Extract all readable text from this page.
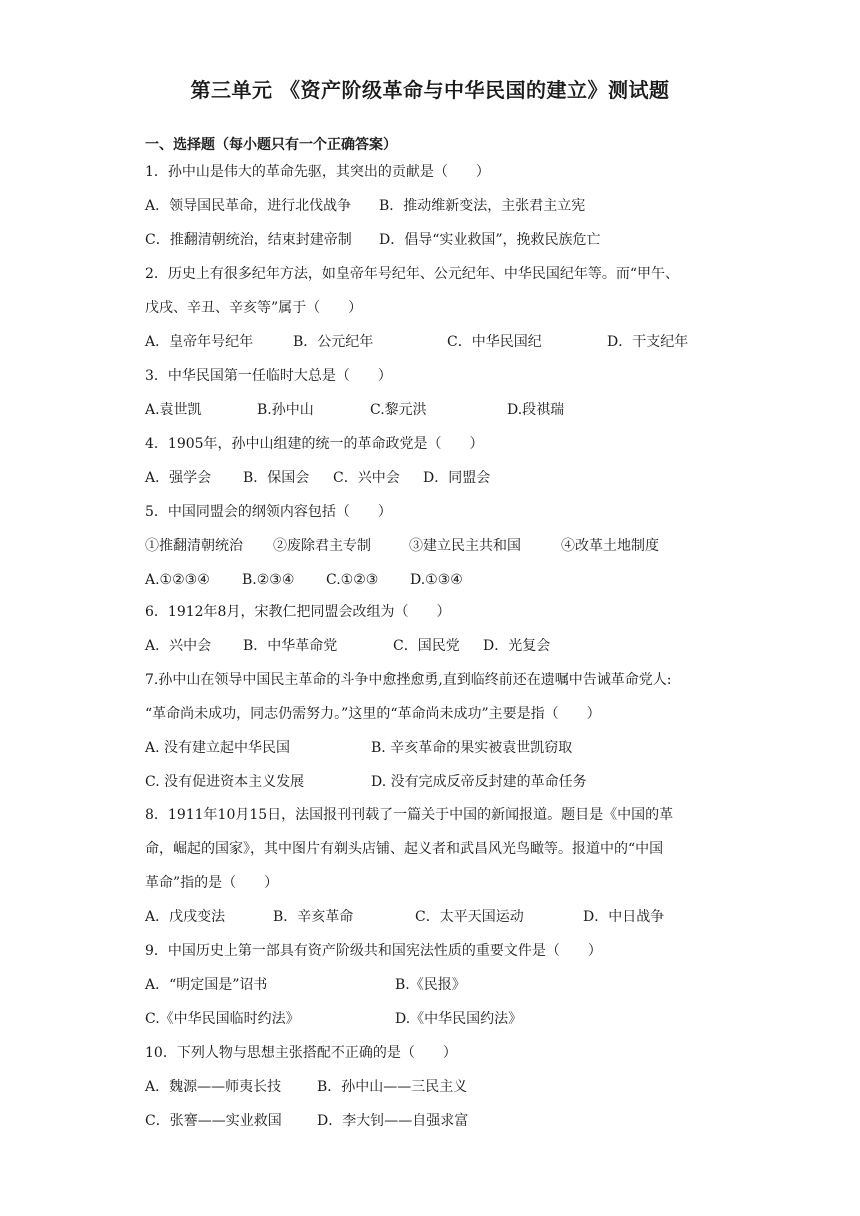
第三单元 《资产阶级革命与中华民国的建立》测试题
一、选择题（每小题只有一个正确答案）
1．孙中山是伟大的革命先驱，其突出的贡献是（　　）
A．领导国民革命，进行北伐战争 B．推动维新变法，主张君主立宪
C．推翻清朝统治，结束封建帝制 D．倡导“实业救国”，挽救民族危亡
2．历史上有很多纪年方法，如皇帝年号纪年、公元纪年、中华民国纪年等。而“甲午、
戊戌、辛丑、辛亥等”属于（　　）
A．皇帝年号纪年	B．公元纪年	C．中华民国纪	D．干支纪年
3．中华民国第一任临时大总是（　　）
A.袁世凯	B.孙中山	C.黎元洪	D.段祺瑞
4．1905年，孙中山组建的统一的革命政党是（　　）
A．强学会 B．保国会 C．兴中会 D．同盟会
5．中国同盟会的纲领内容包括（　　）
①推翻清朝统治 ②废除君主专制	③建立民主共和国	④改革土地制度
A.①②③④ B.②③④ C.①②③ D.①③④
6．1912年8月，宋教仁把同盟会改组为（　　）
A．兴中会 B．中华革命党	C．国民党 D．光复会
7.孙中山在领导中国民主革命的斗争中愈挫愈勇,直到临终前还在遗嘱中告诫革命党人:
“革命尚未成功，同志仍需努力。”这里的“革命尚未成功”主要是指（　　）
A. 没有建立起中华民国	B. 辛亥革命的果实被袁世凯窃取
C. 没有促进资本主义发展	D. 没有完成反帝反封建的革命任务
8．1911年10月15日，法国报刊刊载了一篇关于中国的新闻报道。题目是《中国的革
命，崛起的国家》，其中图片有剃头店铺、起义者和武昌风光鸟瞰等。报道中的“中国
革命”指的是（　　）
A．戊戌变法	B．辛亥革命	C．太平天国运动	D．中日战争
9．中国历史上第一部具有资产阶级共和国宪法性质的重要文件是（　　）
A．“明定国是”诏书	B.《民报》
C.《中华民国临时约法》	D.《中华民国约法》
10．下列人物与思想主张搭配不正确的是（　　）
A．魏源——师夷长技	B．孙中山——三民主义
C．张謇——实业救国	D．李大钊——自强求富
